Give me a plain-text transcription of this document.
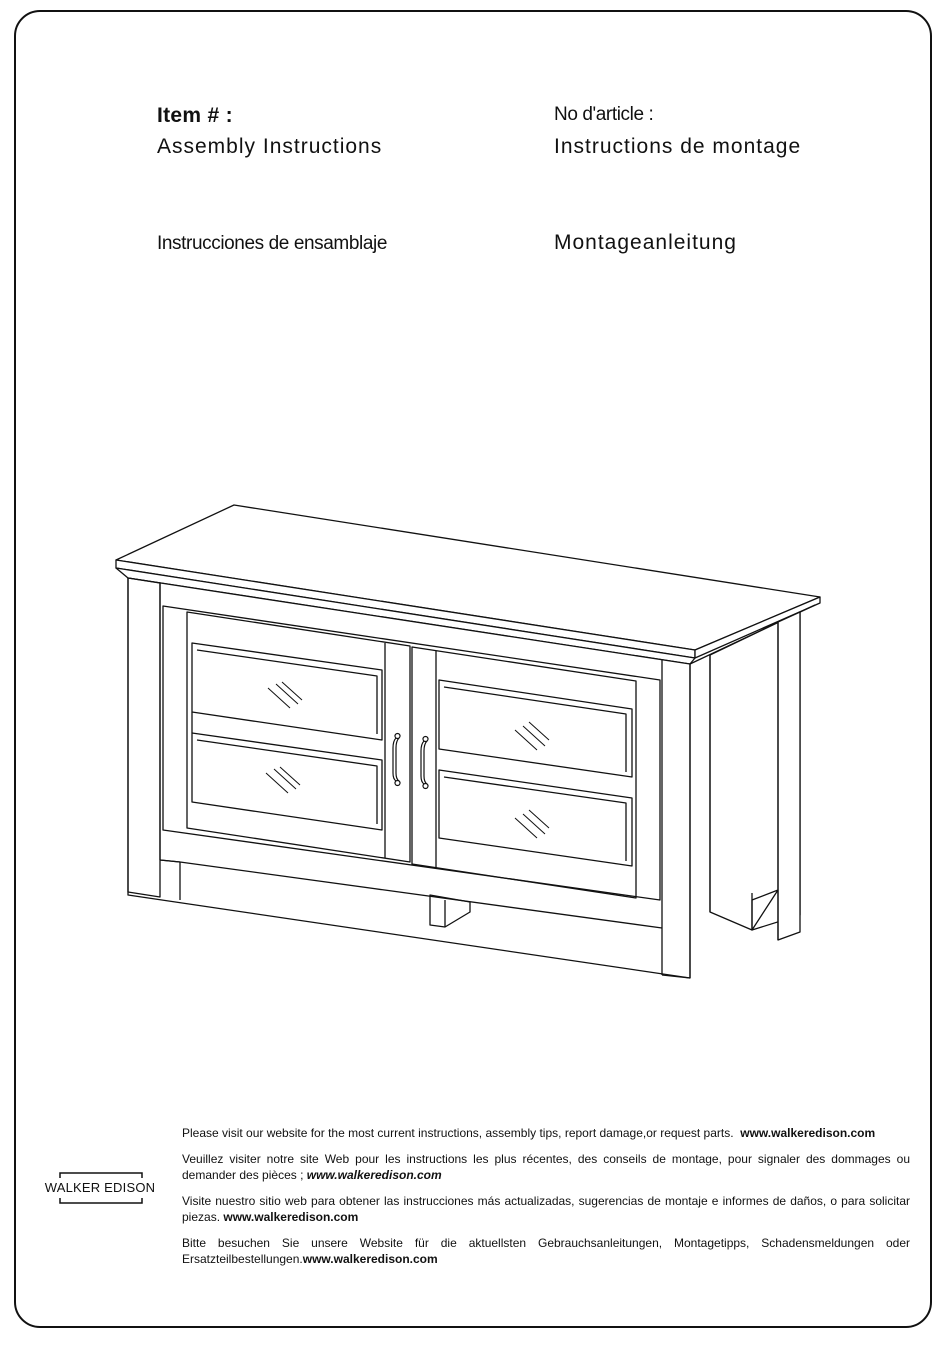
Item # :
Assembly Instructions
No d'article :
Instructions de montage
Instrucciones de ensamblaje	Montageanleitung
WALKER EDISON
Please visit our website for the most current instructions, assembly tips, report damage,or request parts. www.walkeredison.com
Veuillez visiter notre site Web pour les instructions les plus récentes, des conseils de montage, pour signaler des dommages ou demander des pièces ; www.walkeredison.com
Visite nuestro sitio web para obtener las instrucciones más actualizadas, sugerencias de montaje e informes de daños, o para solicitar piezas. www.walkeredison.com
Bitte besuchen Sie unsere Website für die aktuellsten Gebrauchsanleitungen, Montagetipps, Schadensmeldungen oder Ersatzteilbestellungen.www.walkeredison.com
